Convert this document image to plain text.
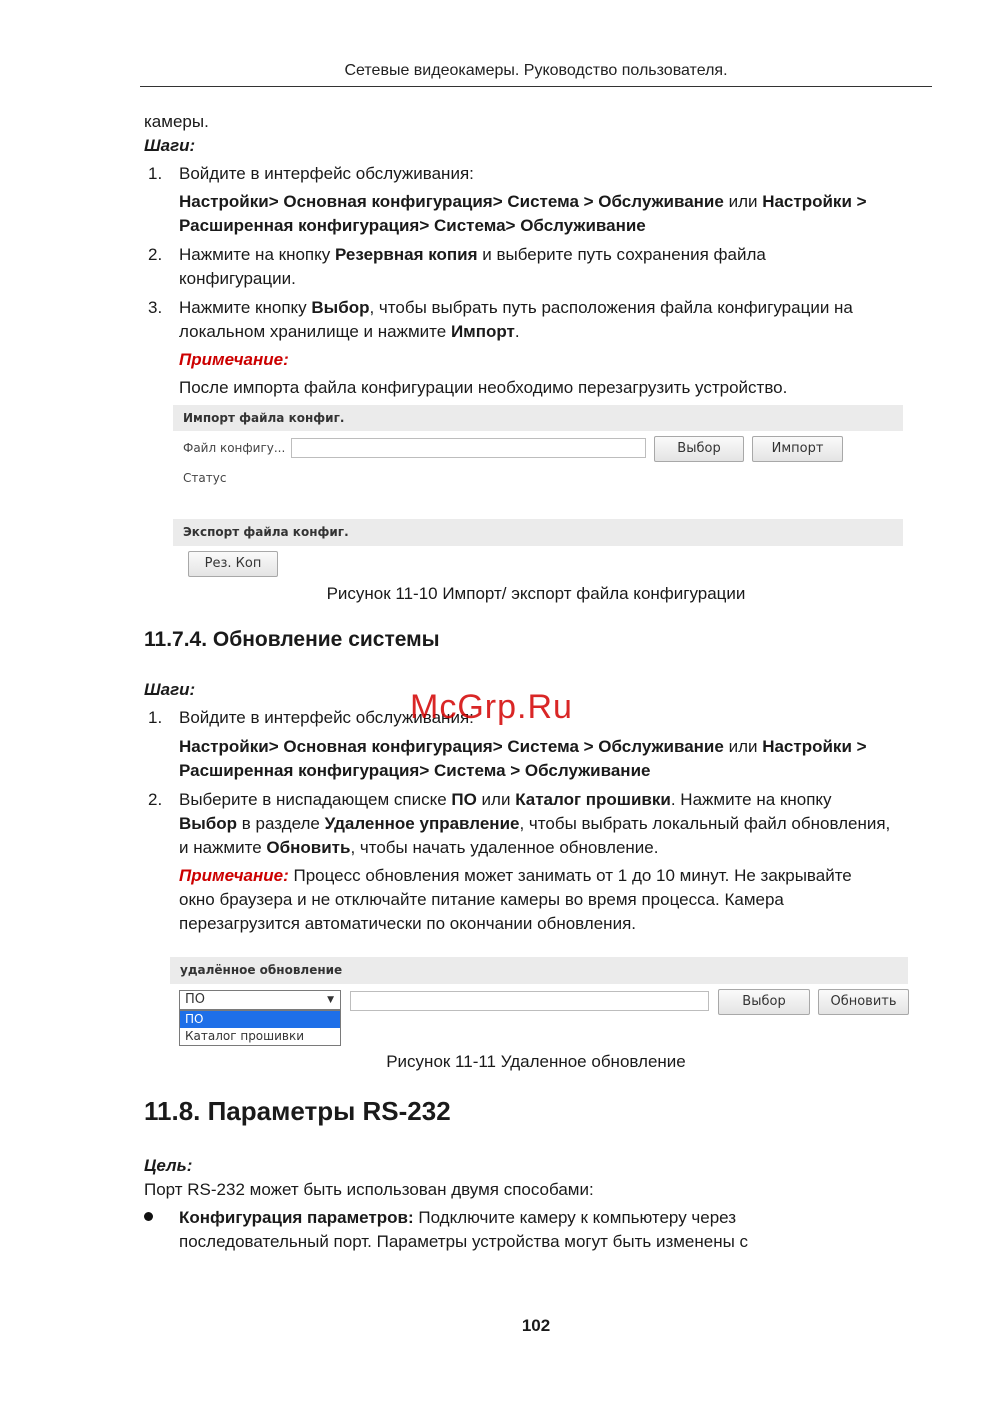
Сетевые видеокамеры. Руководство пользователя.
камеры.
Шаги:
1. Войдите в интерфейс обслуживания:
Настройки> Основная конфигурация> Система > Обслуживание или Настройки >
Расширенная конфигурация> Система> Обслуживание
2. Нажмите на кнопку Резервная копия и выберите путь сохранения файла
конфигурации.
3. Нажмите кнопку Выбор, чтобы выбрать путь расположения файла конфигурации на
локальном хранилище и нажмите Импорт.
Примечание:
После импорта файла конфигурации необходимо перезагрузить устройство.
Импорт файла конфиг.
Файл конфигу...	Выбор	Импорт
Статус
Экспорт файла конфиг.
Рез. Коп
Рисунок 11-10 Импорт/ экспорт файла конфигурации
11.7.4. Обновление системы
Шаги:
1. Войдите в интерфейс обслуживания:
Настройки> Основная конфигурация> Система > Обслуживание или Настройки >
Расширенная конфигурация> Система > Обслуживание
2. Выберите в ниспадающем списке ПО или Каталог прошивки. Нажмите на кнопку
Выбор в разделе Удаленное управление, чтобы выбрать локальный файл обновления,
и нажмите Обновить, чтобы начать удаленное обновление.
Примечание: Процесс обновления может занимать от 1 до 10 минут. Не закрывайте
окно браузера и не отключайте питание камеры во время процесса. Камера
перезагрузится автоматически по окончании обновления.
удалённое обновление
ПО	▼
ПО
Каталог прошивки
Выбор	Обновить
Рисунок 11-11 Удаленное обновление
McGrp.Ru
11.8. Параметры RS-232
Цель:
Порт RS-232 может быть использован двумя способами:
Конфигурация параметров: Подключите камеру к компьютеру через
последовательный порт. Параметры устройства могут быть изменены с
102
